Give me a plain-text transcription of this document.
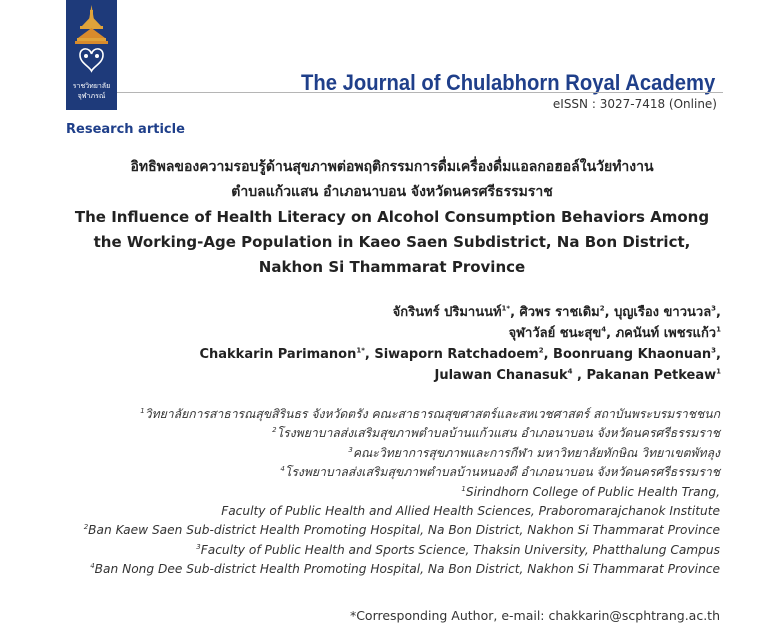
ราชวิทยาลัย
จุฬาภรณ์
The Journal of Chulabhorn Royal Academy
eISSN : 3027-7418 (Online)
Research article
อิทธิพลของความรอบรู้ด้านสุขภาพต่อพฤติกรรมการดื่มเครื่องดื่มแอลกอฮอล์ในวัยทำงาน
ตำบลแก้วแสน อำเภอนาบอน จังหวัดนครศรีธรรมราช
The Influence of Health Literacy on Alcohol Consumption Behaviors Among
the Working-Age Population in Kaeo Saen Subdistrict, Na Bon District,
Nakhon Si Thammarat Province
จักรินทร์ ปริมานนท์$^{1*}$, ศิวพร ราชเดิม$^2$, บุญเรือง ขาวนวล$^3$,
จุฬาวัลย์ ชนะสุข$^4$, ภคนันท์ เพชรแก้ว$^1$
Chakkarin Parimanon$^{1*}$, Siwaporn Ratchadoem$^2$, Boonruang Khaonuan$^3$,
Julawan Chanasuk$^4$ , Pakanan Petkeaw$^1$
$^1$วิทยาลัยการสาธารณสุขสิรินธร จังหวัดตรัง คณะสาธารณสุขศาสตร์และสหเวชศาสตร์ สถาบันพระบรมราชชนก
$^2$โรงพยาบาลส่งเสริมสุขภาพตำบลบ้านแก้วแสน อำเภอนาบอน จังหวัดนครศรีธรรมราช
$^3$คณะวิทยาการสุขภาพและการกีฬา มหาวิทยาลัยทักษิณ วิทยาเขตพัทลุง
$^4$โรงพยาบาลส่งเสริมสุขภาพตำบลบ้านหนองดี อำเภอนาบอน จังหวัดนครศรีธรรมราช
$^1$Sirindhorn College of Public Health Trang,
Faculty of Public Health and Allied Health Sciences, Praboromarajchanok Institute
$^2$Ban Kaew Saen Sub-district Health Promoting Hospital, Na Bon District, Nakhon Si Thammarat Province
$^3$Faculty of Public Health and Sports Science, Thaksin University, Phatthalung Campus
$^4$Ban Nong Dee Sub-district Health Promoting Hospital, Na Bon District, Nakhon Si Thammarat Province
*Corresponding Author, e-mail: chakkarin@scphtrang.ac.th
